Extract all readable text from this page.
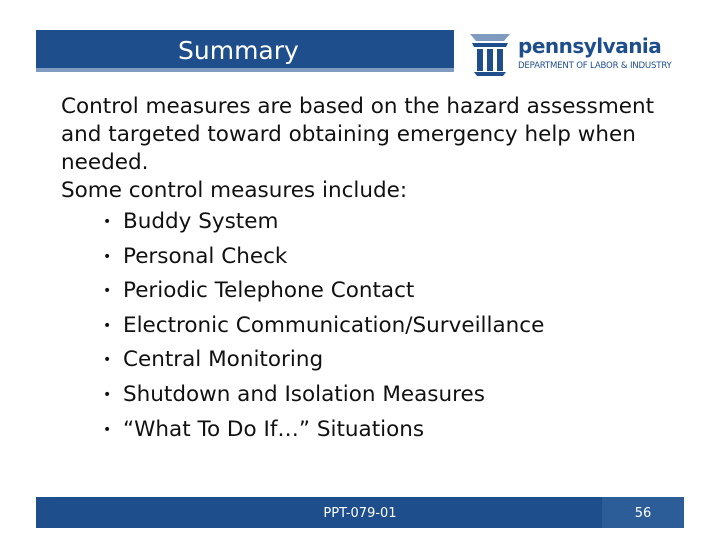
Summary	pennsylvania
DEPARTMENT OF LABOR & INDUSTRY

Control measures are based on the hazard assessment and targeted toward obtaining emergency help when needed.

Some control measures include:

• Buddy System
• Personal Check
• Periodic Telephone Contact
• Electronic Communication/Surveillance
• Central Monitoring
• Shutdown and Isolation Measures
• “What To Do If…” Situations
PPT-079-01	56
